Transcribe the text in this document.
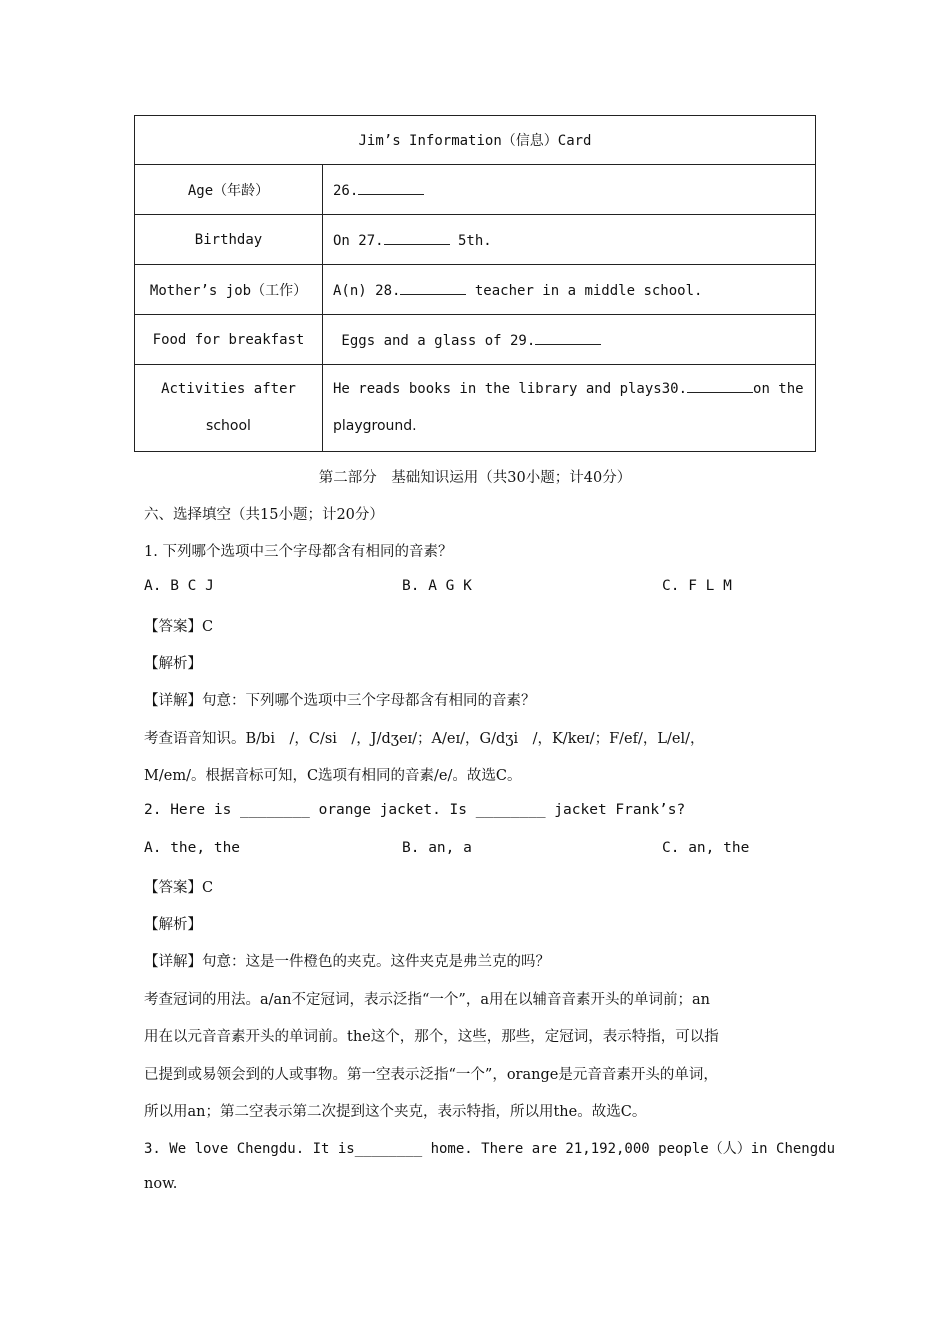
Jim’s Information（信息）Card	
Age（年龄）	26.
Birthday	On 27. 5th.
Mother’s job（工作）	A(n) 28. teacher in a middle school.
Food for breakfast	Eggs and a glass of 29.
Activities after
school	He reads books in the library and plays30. on the
playground.
第二部分　基础知识运用（共30小题；计40分）
六、选择填空（共15小题；计20分）
1. 下列哪个选项中三个字母都含有相同的音素？
A. B C J	B. A G K	C. F L M
【答案】C
【解析】
【详解】句意：下列哪个选项中三个字母都含有相同的音素？
考查语音知识。B/bi　/，C/si　/，J/dʒeɪ/；A/eɪ/，G/dʒi　/，K/keɪ/；F/ef/，L/el/，
M/em/。根据音标可知，C选项有相同的音素/e/。故选C。
2. Here is ________ orange jacket. Is ________ jacket Frank’s?
A. the, the	B. an, a	C. an, the
【答案】C
【解析】
【详解】句意：这是一件橙色的夹克。这件夹克是弗兰克的吗？
考查冠词的用法。a/an不定冠词，表示泛指“一个”，a用在以辅音音素开头的单词前；an
用在以元音音素开头的单词前。the这个，那个，这些，那些，定冠词，表示特指，可以指
已提到或易领会到的人或事物。第一空表示泛指“一个”，orange是元音音素开头的单词，
所以用an；第二空表示第二次提到这个夹克，表示特指，所以用the。故选C。
3. We love Chengdu. It is________ home. There are 21,192,000 people（人）in Chengdu
now.
